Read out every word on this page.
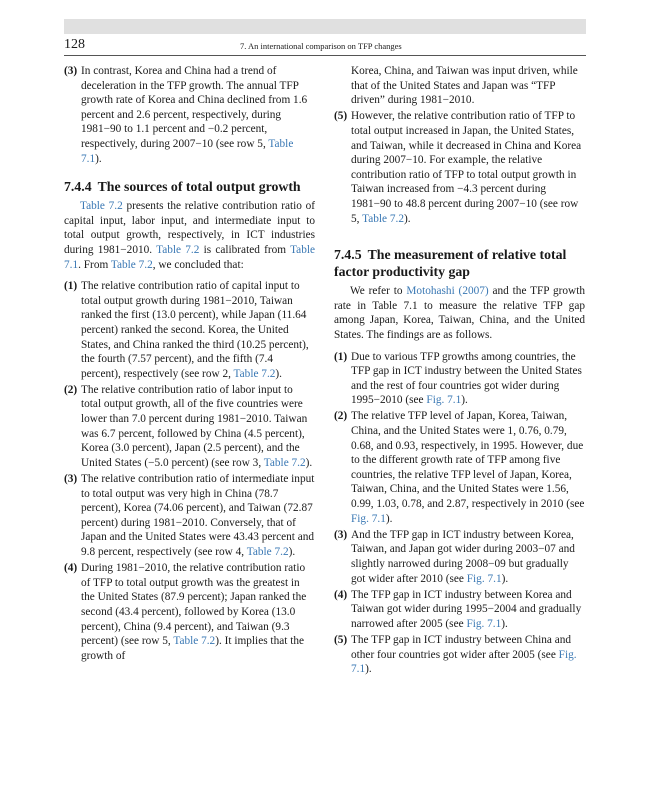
128	7. An international comparison on TFP changes
(3) In contrast, Korea and China had a trend of deceleration in the TFP growth. The annual TFP growth rate of Korea and China declined from 1.6 percent and 2.6 percent, respectively, during 1981−90 to 1.1 percent and −0.2 percent, respectively, during 2007−10 (see row 5, Table 7.1).
7.4.4 The sources of total output growth
Table 7.2 presents the relative contribution ratio of capital input, labor input, and intermediate input to total output growth, respectively, in ICT industries during 1981−2010. Table 7.2 is calibrated from Table 7.1. From Table 7.2, we concluded that:
(1) The relative contribution ratio of capital input to total output growth during 1981−2010, Taiwan ranked the first (13.0 percent), while Japan (11.64 percent) ranked the second. Korea, the United States, and China ranked the third (10.25 percent), the fourth (7.57 percent), and the fifth (7.4 percent), respectively (see row 2, Table 7.2).
(2) The relative contribution ratio of labor input to total output growth, all of the five countries were lower than 7.0 percent during 1981−2010. Taiwan was 6.7 percent, followed by China (4.5 percent), Korea (3.0 percent), Japan (2.5 percent), and the United States (−5.0 percent) (see row 3, Table 7.2).
(3) The relative contribution ratio of intermediate input to total output was very high in China (78.7 percent), Korea (74.06 percent), and Taiwan (72.87 percent) during 1981−2010. Conversely, that of Japan and the United States were 43.43 percent and 9.8 percent, respectively (see row 4, Table 7.2).
(4) During 1981−2010, the relative contribution ratio of TFP to total output growth was the greatest in the United States (87.9 percent); Japan ranked the second (43.4 percent), followed by Korea (13.0 percent), China (9.4 percent), and Taiwan (9.3 percent) (see row 5, Table 7.2). It implies that the growth of
Korea, China, and Taiwan was input driven, while that of the United States and Japan was “TFP driven” during 1981−2010.
(5) However, the relative contribution ratio of TFP to total output increased in Japan, the United States, and Taiwan, while it decreased in China and Korea during 2007−10. For example, the relative contribution ratio of TFP to total output growth in Taiwan increased from −4.3 percent during 1981−90 to 48.8 percent during 2007−10 (see row 5, Table 7.2).
7.4.5 The measurement of relative total factor productivity gap
We refer to Motohashi (2007) and the TFP growth rate in Table 7.1 to measure the relative TFP gap among Japan, Korea, Taiwan, China, and the United States. The findings are as follows.
(1) Due to various TFP growths among countries, the TFP gap in ICT industry between the United States and the rest of four countries got wider during 1995−2010 (see Fig. 7.1).
(2) The relative TFP level of Japan, Korea, Taiwan, China, and the United States were 1, 0.76, 0.79, 0.68, and 0.93, respectively, in 1995. However, due to the different growth rate of TFP among five countries, the relative TFP level of Japan, Korea, Taiwan, China, and the United States were 1.56, 0.99, 1.03, 0.78, and 2.87, respectively in 2010 (see Fig. 7.1).
(3) And the TFP gap in ICT industry between Korea, Taiwan, and Japan got wider during 2003−07 and slightly narrowed during 2008−09 but gradually got wider after 2010 (see Fig. 7.1).
(4) The TFP gap in ICT industry between Korea and Taiwan got wider during 1995−2004 and gradually narrowed after 2005 (see Fig. 7.1).
(5) The TFP gap in ICT industry between China and other four countries got wider after 2005 (see Fig. 7.1).
